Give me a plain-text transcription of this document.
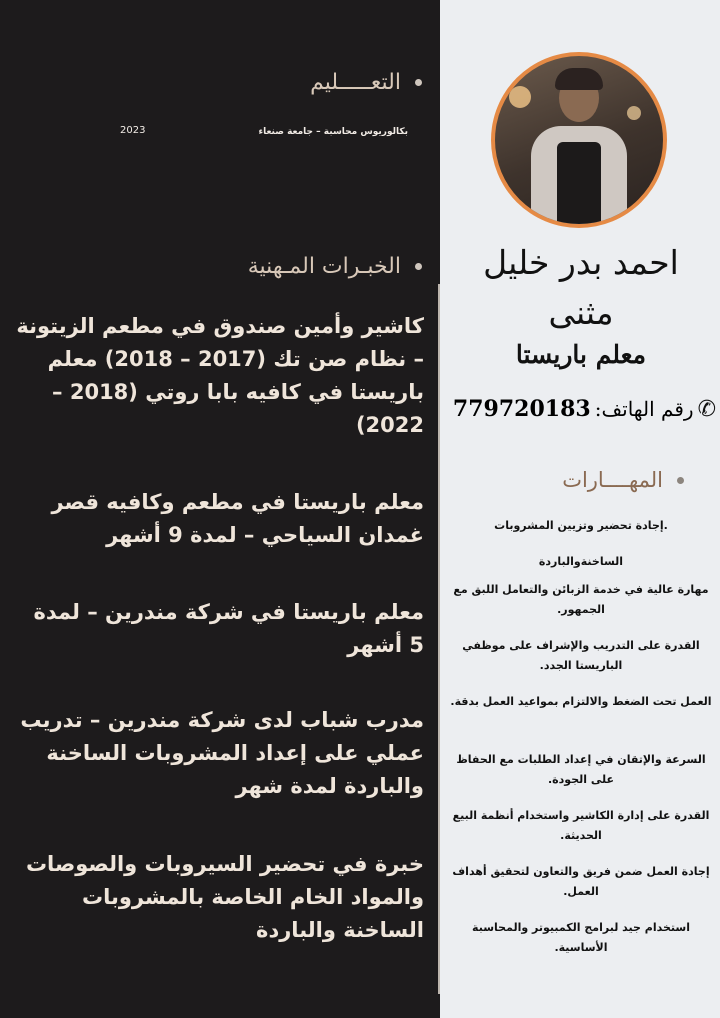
التعـــــليم
بكالوريوس محاسبة – جامعة صنعاء
2023
الخبـرات المـهنية
كاشير وأمين صندوق في مطعم الزيتونة – نظام صن تك (2017 – 2018) معلم باريستا في كافيه بابا روتي (2018 – 2022)
معلم باريستا في مطعم وكافيه قصر غمدان السياحي – لمدة 9 أشهر
معلم باريستا في شركة مندرين – لمدة 5 أشهر
مدرب شباب لدى شركة مندرين – تدريب عملي على إعداد المشروبات الساخنة والباردة لمدة شهر
خبرة في تحضير السيروبات والصوصات والمواد الخام الخاصة بالمشروبات الساخنة والباردة
احمد بدر خليل مثنى
معلم باريستا
✆
رقم الهاتف:
779720183
المهــــارات
.إجادة تحضير وتزيين المشروبات
الساخنةوالباردة
مهارة عالية في خدمة الزبائن والتعامل اللبق مع الجمهور.
القدرة على التدريب والإشراف على موظفي الباريستا الجدد.
العمل تحت الضغط والالتزام بمواعيد العمل بدقة.
السرعة والإتقان في إعداد الطلبات مع الحفاظ على الجودة.
القدرة على إدارة الكاشير واستخدام أنظمة البيع الحديثة.
إجادة العمل ضمن فريق والتعاون لتحقيق أهداف العمل.
استخدام جيد لبرامج الكمبيوتر والمحاسبة الأساسية.
